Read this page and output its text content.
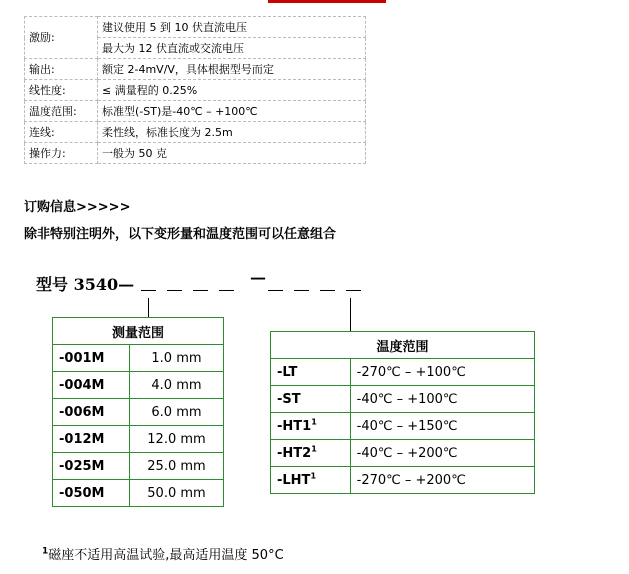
激励:	建议使用 5 到 10 伏直流电压
	最大为 12 伏直流或交流电压
输出:	额定 2-4mV/V，具体根据型号而定
线性度:	≤ 满量程的 0.25%
温度范围:	标准型(-ST)是-40℃ – +100℃
连线:	柔性线，标准长度为 2.5m
操作力:	一般为 50 克
订购信息>>>>>
除非特别注明外，以下变形量和温度范围可以任意组合
型号 3540—	—
测量范围	
-001M	1.0 mm
-004M	4.0 mm
-006M	6.0 mm
-012M	12.0 mm
-025M	25.0 mm
-050M	50.0 mm
温度范围	
-LT	-270℃ – +100℃
-ST	-40℃ – +100℃
$-HT1^1$	-40℃ – +150℃
$-HT2^1$	-40℃ – +200℃
-LHT$^1$	-270℃ – +200℃
$^1$磁座不适用高温试验,最高适用温度 50°C
